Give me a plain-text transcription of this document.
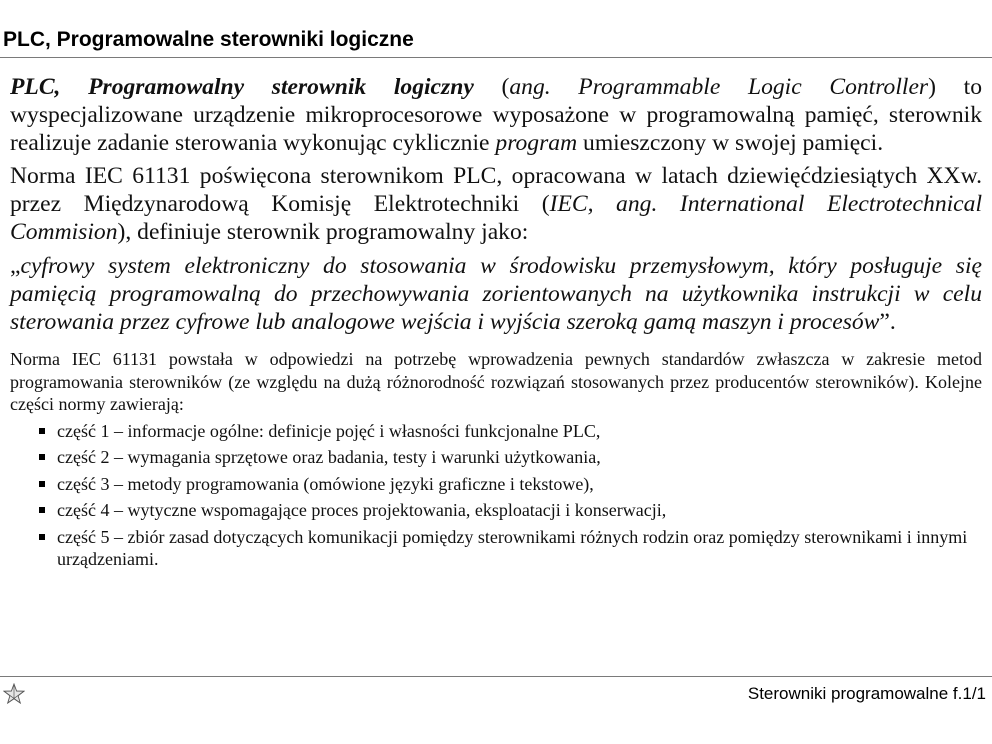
PLC, Programowalne sterowniki logiczne

PLC, Programowalny sterownik logiczny (ang. Programmable Logic Controller) to wyspecjalizowane urządzenie mikroprocesorowe wyposażone w programowalną pamięć, sterownik realizuje zadanie sterowania wykonując cyklicznie program umieszczony w swojej pamięci.

Norma IEC 61131 poświęcona sterownikom PLC, opracowana w latach dziewięćdziesiątych XXw. przez Międzynarodową Komisję Elektrotechniki (IEC, ang. International Electrotechnical Commision), definiuje sterownik programowalny jako:

„cyfrowy system elektroniczny do stosowania w środowisku przemysłowym, który posługuje się pamięcią programowalną do przechowywania zorientowanych na użytkownika instrukcji w celu sterowania przez cyfrowe lub analogowe wejścia i wyjścia szeroką gamą maszyn i procesów”.

Norma IEC 61131 powstała w odpowiedzi na potrzebę wprowadzenia pewnych standardów zwłaszcza w zakresie metod programowania sterowników (ze względu na dużą różnorodność rozwiązań stosowanych przez producentów sterowników). Kolejne części normy zawierają:

część 1 – informacje ogólne: definicje pojęć i własności funkcjonalne PLC,
część 2 – wymagania sprzętowe oraz badania, testy i warunki użytkowania,
część 3 – metody programowania (omówione języki graficzne i tekstowe),
część 4 – wytyczne wspomagające proces projektowania, eksploatacji i konserwacji,
część 5 – zbiór zasad dotyczących komunikacji pomiędzy sterownikami różnych rodzin oraz pomiędzy sterownikami i innymi urządzeniami.
Sterowniki programowalne f.1/1
